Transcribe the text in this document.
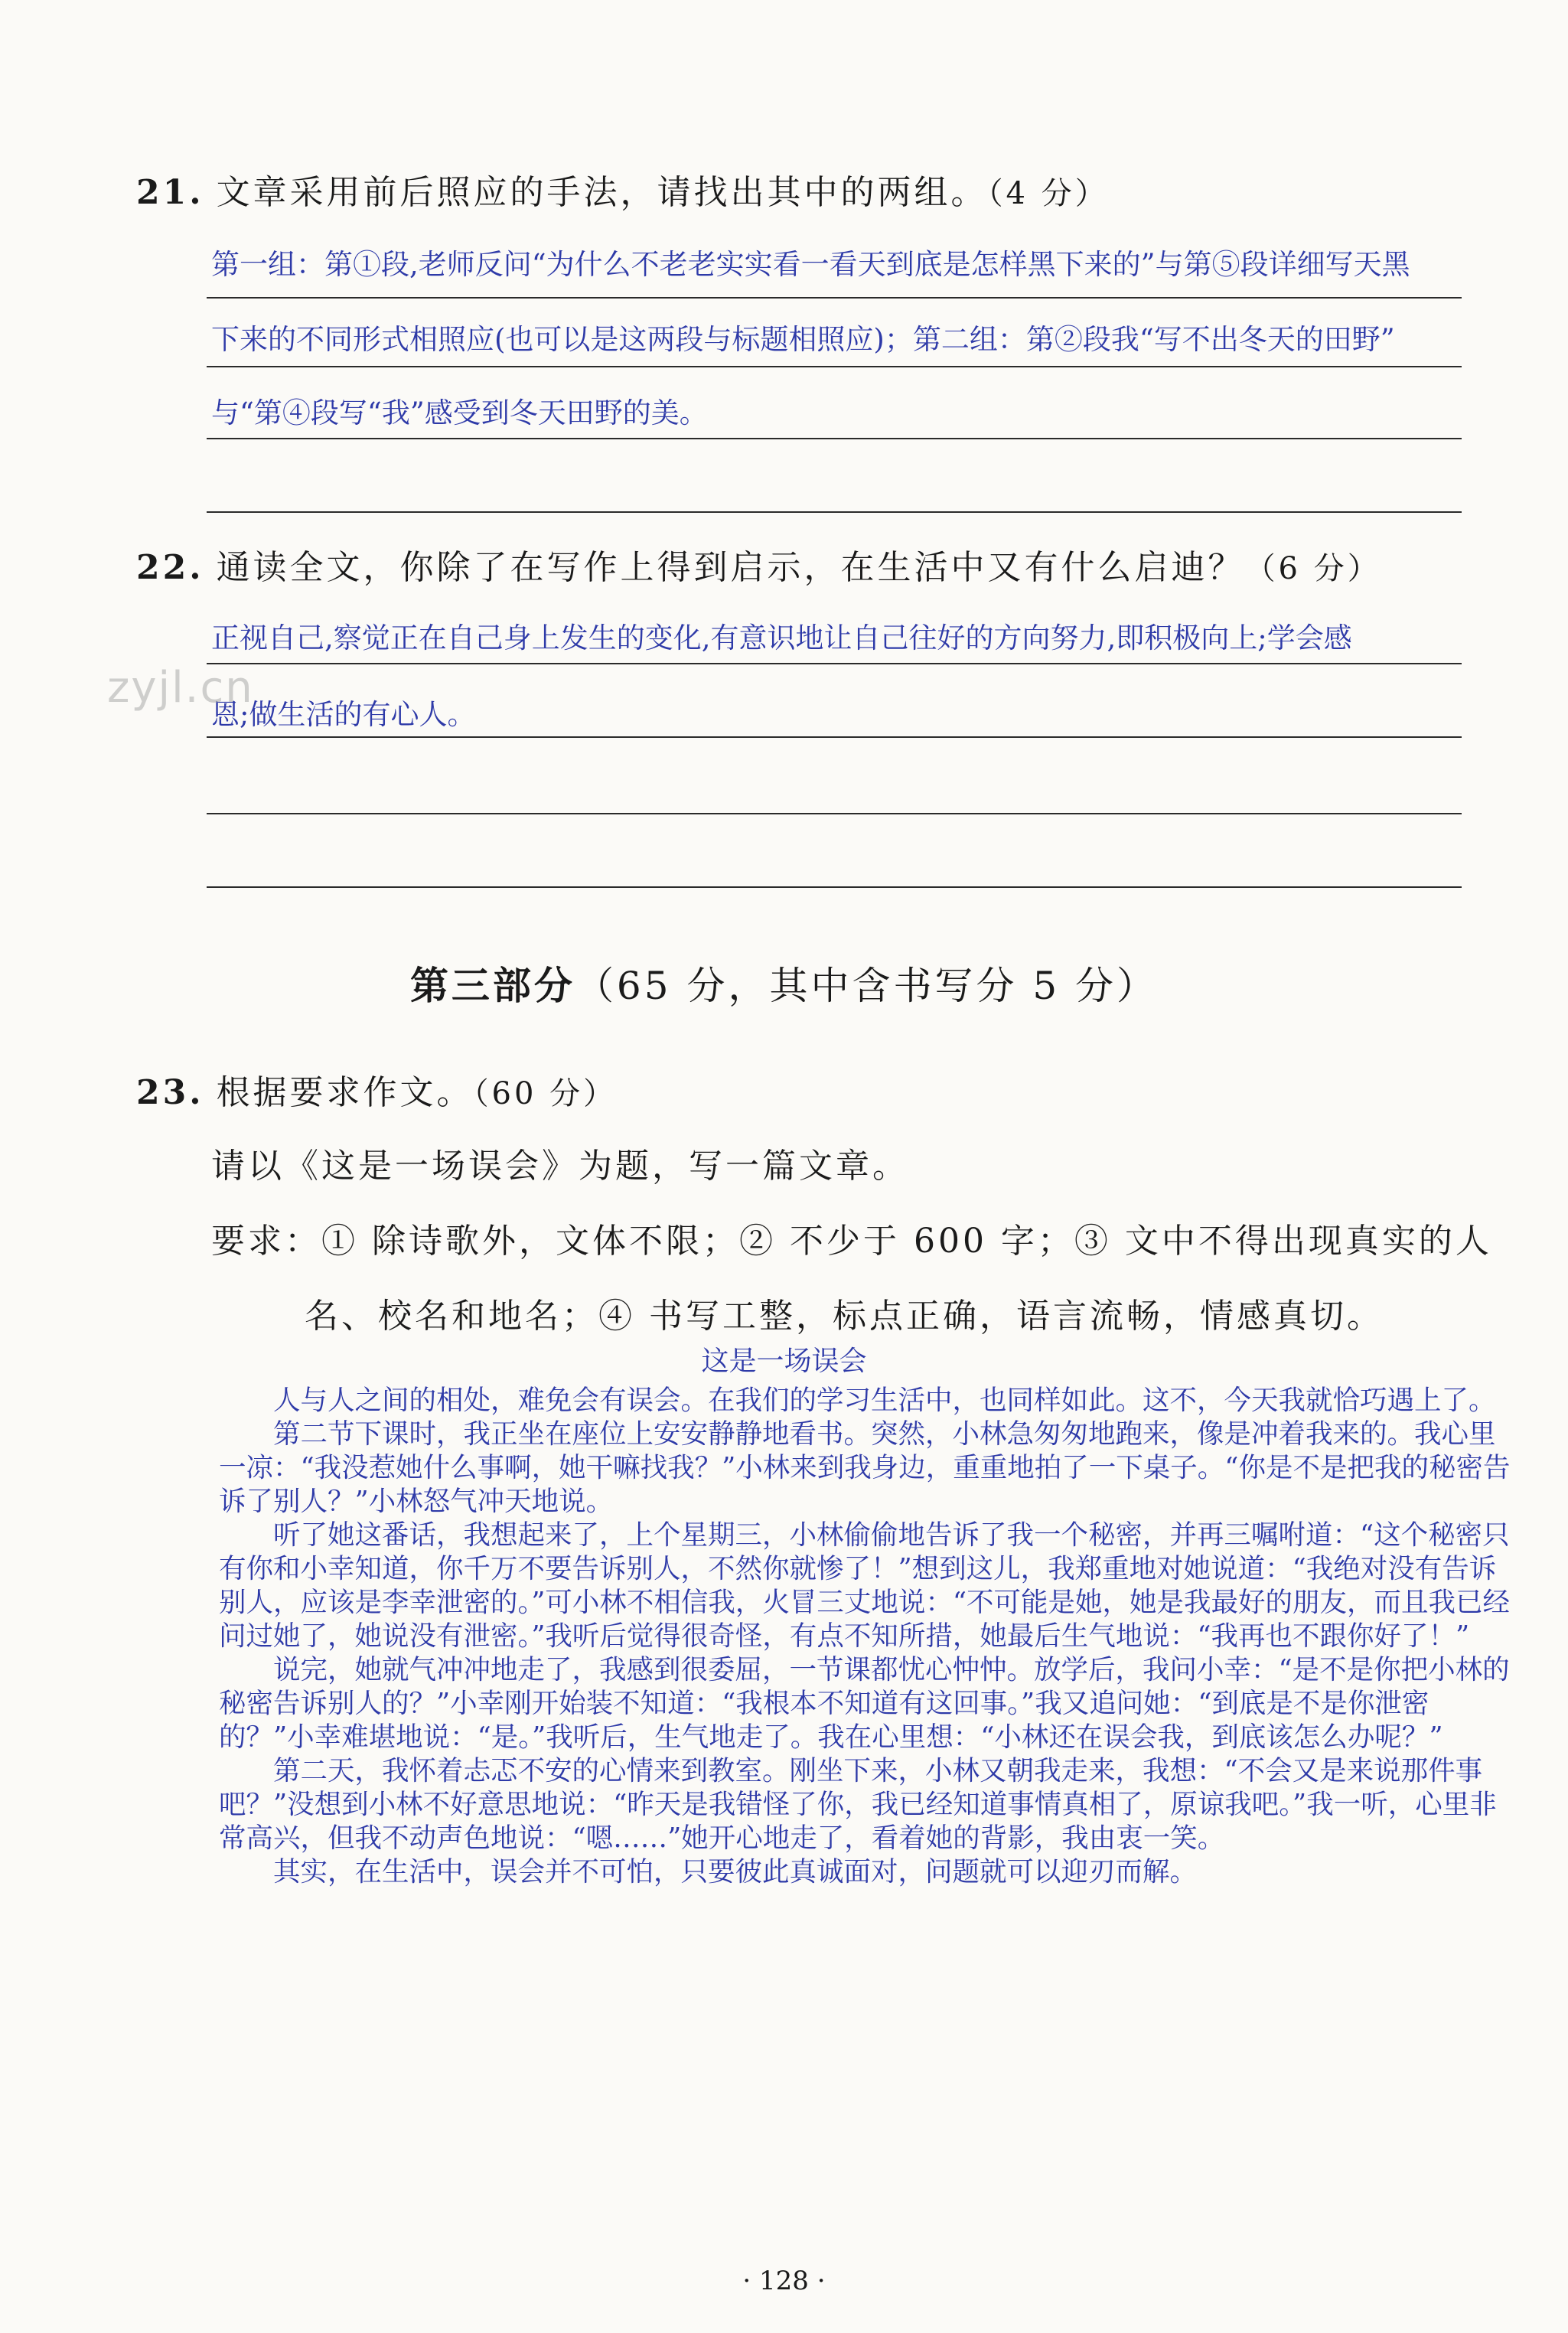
21. 文章采用前后照应的手法，请找出其中的两组。（4 分）
第一组：第①段,老师反问“为什么不老老实实看一看天到底是怎样黑下来的”与第⑤段详细写天黑
下来的不同形式相照应(也可以是这两段与标题相照应)；第二组：第②段我“写不出冬天的田野”
与“第④段写“我”感受到冬天田野的美。
22. 通读全文，你除了在写作上得到启示，在生活中又有什么启迪？（6 分）
正视自己,察觉正在自己身上发生的变化,有意识地让自己往好的方向努力,即积极向上;学会感
恩;做生活的有心人。
zyjl.cn
第三部分（65 分，其中含书写分 5 分）
23. 根据要求作文。（60 分）
请以《这是一场误会》为题，写一篇文章。
要求：① 除诗歌外，文体不限；② 不少于 600 字；③ 文中不得出现真实的人
名、校名和地名；④ 书写工整，标点正确，语言流畅，情感真切。
这是一场误会

人与人之间的相处，难免会有误会。在我们的学习生活中，也同样如此。这不，今天我就恰巧遇上了。

第二节下课时，我正坐在座位上安安静静地看书。突然，小林急匆匆地跑来，像是冲着我来的。我心里一凉：“我没惹她什么事啊，她干嘛找我？”小林来到我身边，重重地拍了一下桌子。“你是不是把我的秘密告诉了别人？”小林怒气冲天地说。

听了她这番话，我想起来了，上个星期三，小林偷偷地告诉了我一个秘密，并再三嘱咐道：“这个秘密只有你和小幸知道，你千万不要告诉别人，不然你就惨了！”想到这儿，我郑重地对她说道：“我绝对没有告诉别人，应该是李幸泄密的。”可小林不相信我，火冒三丈地说：“不可能是她，她是我最好的朋友，而且我已经问过她了，她说没有泄密。”我听后觉得很奇怪，有点不知所措，她最后生气地说：“我再也不跟你好了！”

说完，她就气冲冲地走了，我感到很委屈，一节课都忧心忡忡。放学后，我问小幸：“是不是你把小林的秘密告诉别人的？”小幸刚开始装不知道：“我根本不知道有这回事。”我又追问她：“到底是不是你泄密的？”小幸难堪地说：“是。”我听后，生气地走了。我在心里想：“小林还在误会我，到底该怎么办呢？”

第二天，我怀着忐忑不安的心情来到教室。刚坐下来，小林又朝我走来，我想：“不会又是来说那件事吧？”没想到小林不好意思地说：“昨天是我错怪了你，我已经知道事情真相了，原谅我吧。”我一听，心里非常高兴，但我不动声色地说：“嗯……”她开心地走了，看着她的背影，我由衷一笑。

其实，在生活中，误会并不可怕，只要彼此真诚面对，问题就可以迎刃而解。

· 128 ·
